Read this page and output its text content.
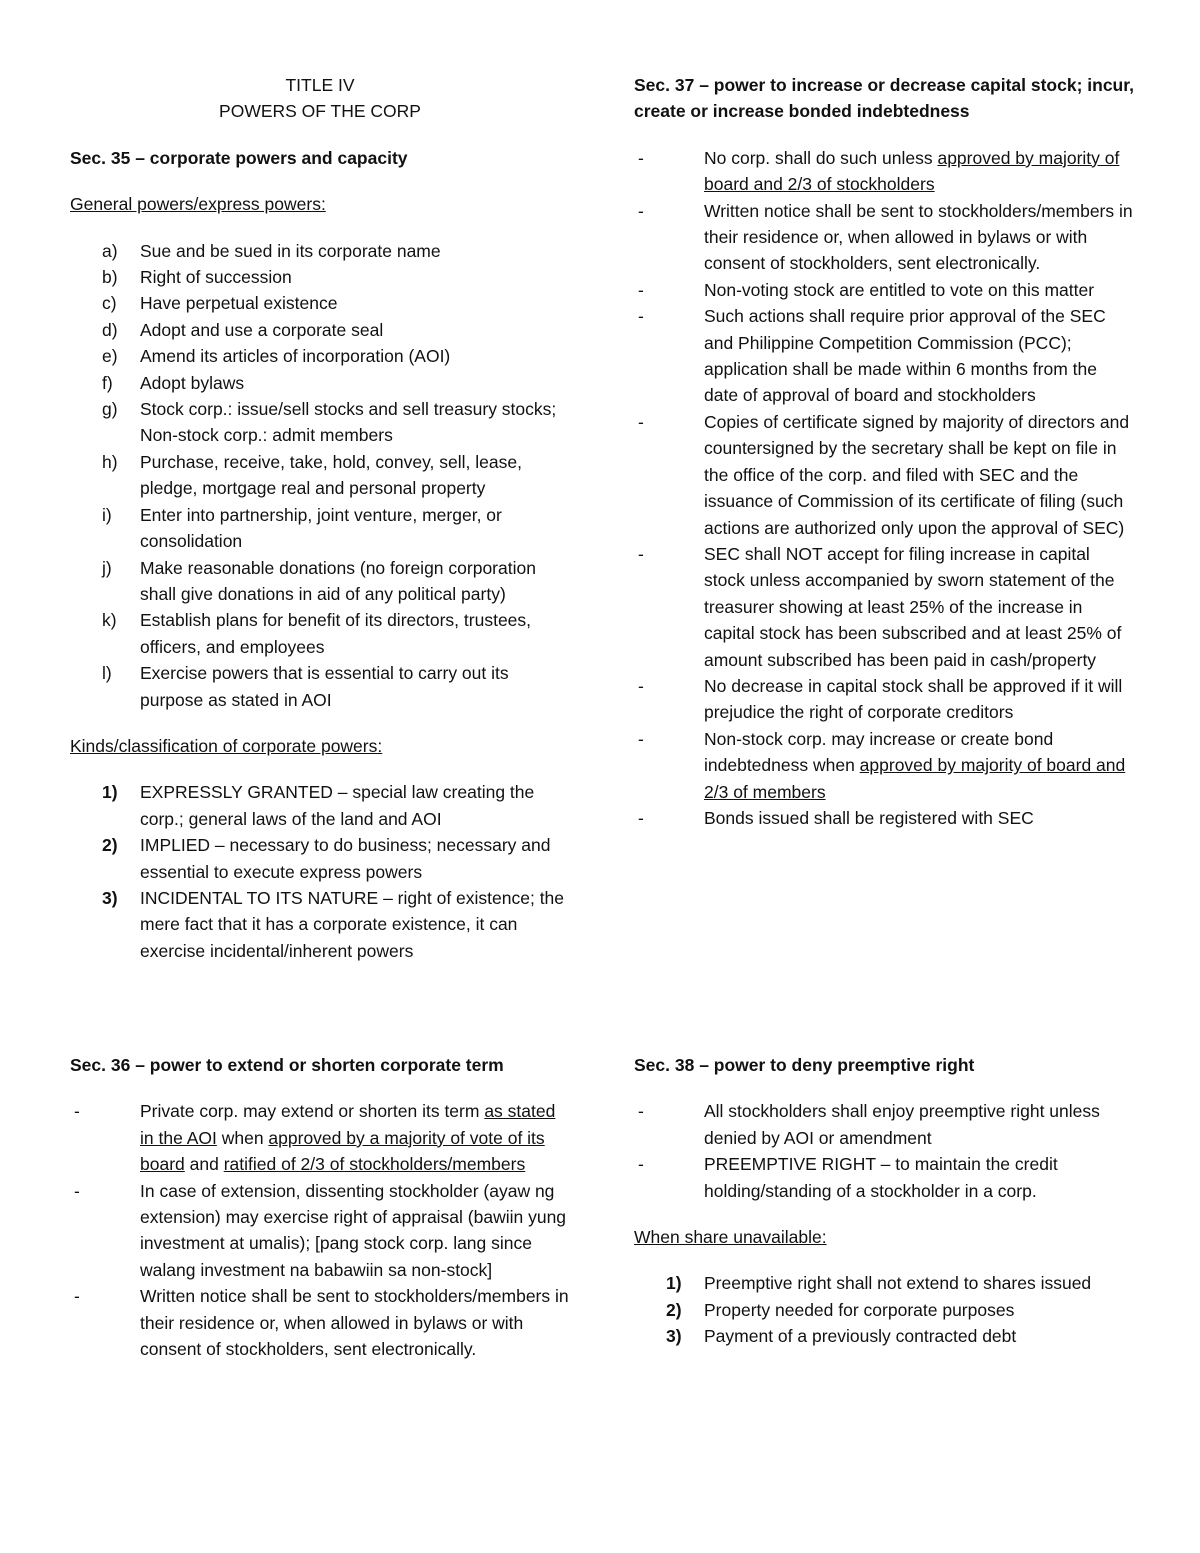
TITLE IV

POWERS OF THE CORP

Sec. 35 – corporate powers and capacity

General powers/express powers:

a) Sue and be sued in its corporate name
b) Right of succession
c) Have perpetual existence
d) Adopt and use a corporate seal
e) Amend its articles of incorporation (AOI)
f) Adopt bylaws
g) Stock corp.: issue/sell stocks and sell treasury stocks; Non-stock corp.: admit members
h) Purchase, receive, take, hold, convey, sell, lease, pledge, mortgage real and personal property
i) Enter into partnership, joint venture, merger, or consolidation
j) Make reasonable donations (no foreign corporation shall give donations in aid of any political party)
k) Establish plans for benefit of its directors, trustees, officers, and employees
l) Exercise powers that is essential to carry out its purpose as stated in AOI

Kinds/classification of corporate powers:

1) EXPRESSLY GRANTED – special law creating the corp.; general laws of the land and AOI
2) IMPLIED – necessary to do business; necessary and essential to execute express powers
3) INCIDENTAL TO ITS NATURE – right of existence; the mere fact that it has a corporate existence, it can exercise incidental/inherent powers

Sec. 36 – power to extend or shorten corporate term

-	Private corp. may extend or shorten its term as stated in the AOI when approved by a majority of vote of its board and ratified of 2/3 of stockholders/members
-	In case of extension, dissenting stockholder (ayaw ng extension) may exercise right of appraisal (bawiin yung investment at umalis); [pang stock corp. lang since walang investment na babawiin sa non-stock]
-	Written notice shall be sent to stockholders/members in their residence or, when allowed in bylaws or with consent of stockholders, sent electronically.

Sec. 37 – power to increase or decrease capital stock; incur, create or increase bonded indebtedness

-	No corp. shall do such unless approved by majority of board and 2/3 of stockholders
-	Written notice shall be sent to stockholders/members in their residence or, when allowed in bylaws or with consent of stockholders, sent electronically.
-	Non-voting stock are entitled to vote on this matter
-	Such actions shall require prior approval of the SEC and Philippine Competition Commission (PCC); application shall be made within 6 months from the date of approval of board and stockholders
-	Copies of certificate signed by majority of directors and countersigned by the secretary shall be kept on file in the office of the corp. and filed with SEC and the issuance of Commission of its certificate of filing (such actions are authorized only upon the approval of SEC)
-	SEC shall NOT accept for filing increase in capital stock unless accompanied by sworn statement of the treasurer showing at least 25% of the increase in capital stock has been subscribed and at least 25% of amount subscribed has been paid in cash/property
-	No decrease in capital stock shall be approved if it will prejudice the right of corporate creditors
-	Non-stock corp. may increase or create bond indebtedness when approved by majority of board and 2/3 of members
-	Bonds issued shall be registered with SEC

Sec. 38 – power to deny preemptive right

-	All stockholders shall enjoy preemptive right unless denied by AOI or amendment
-	PREEMPTIVE RIGHT – to maintain the credit holding/standing of a stockholder in a corp.

When share unavailable:

1) Preemptive right shall not extend to shares issued
2) Property needed for corporate purposes
3) Payment of a previously contracted debt
